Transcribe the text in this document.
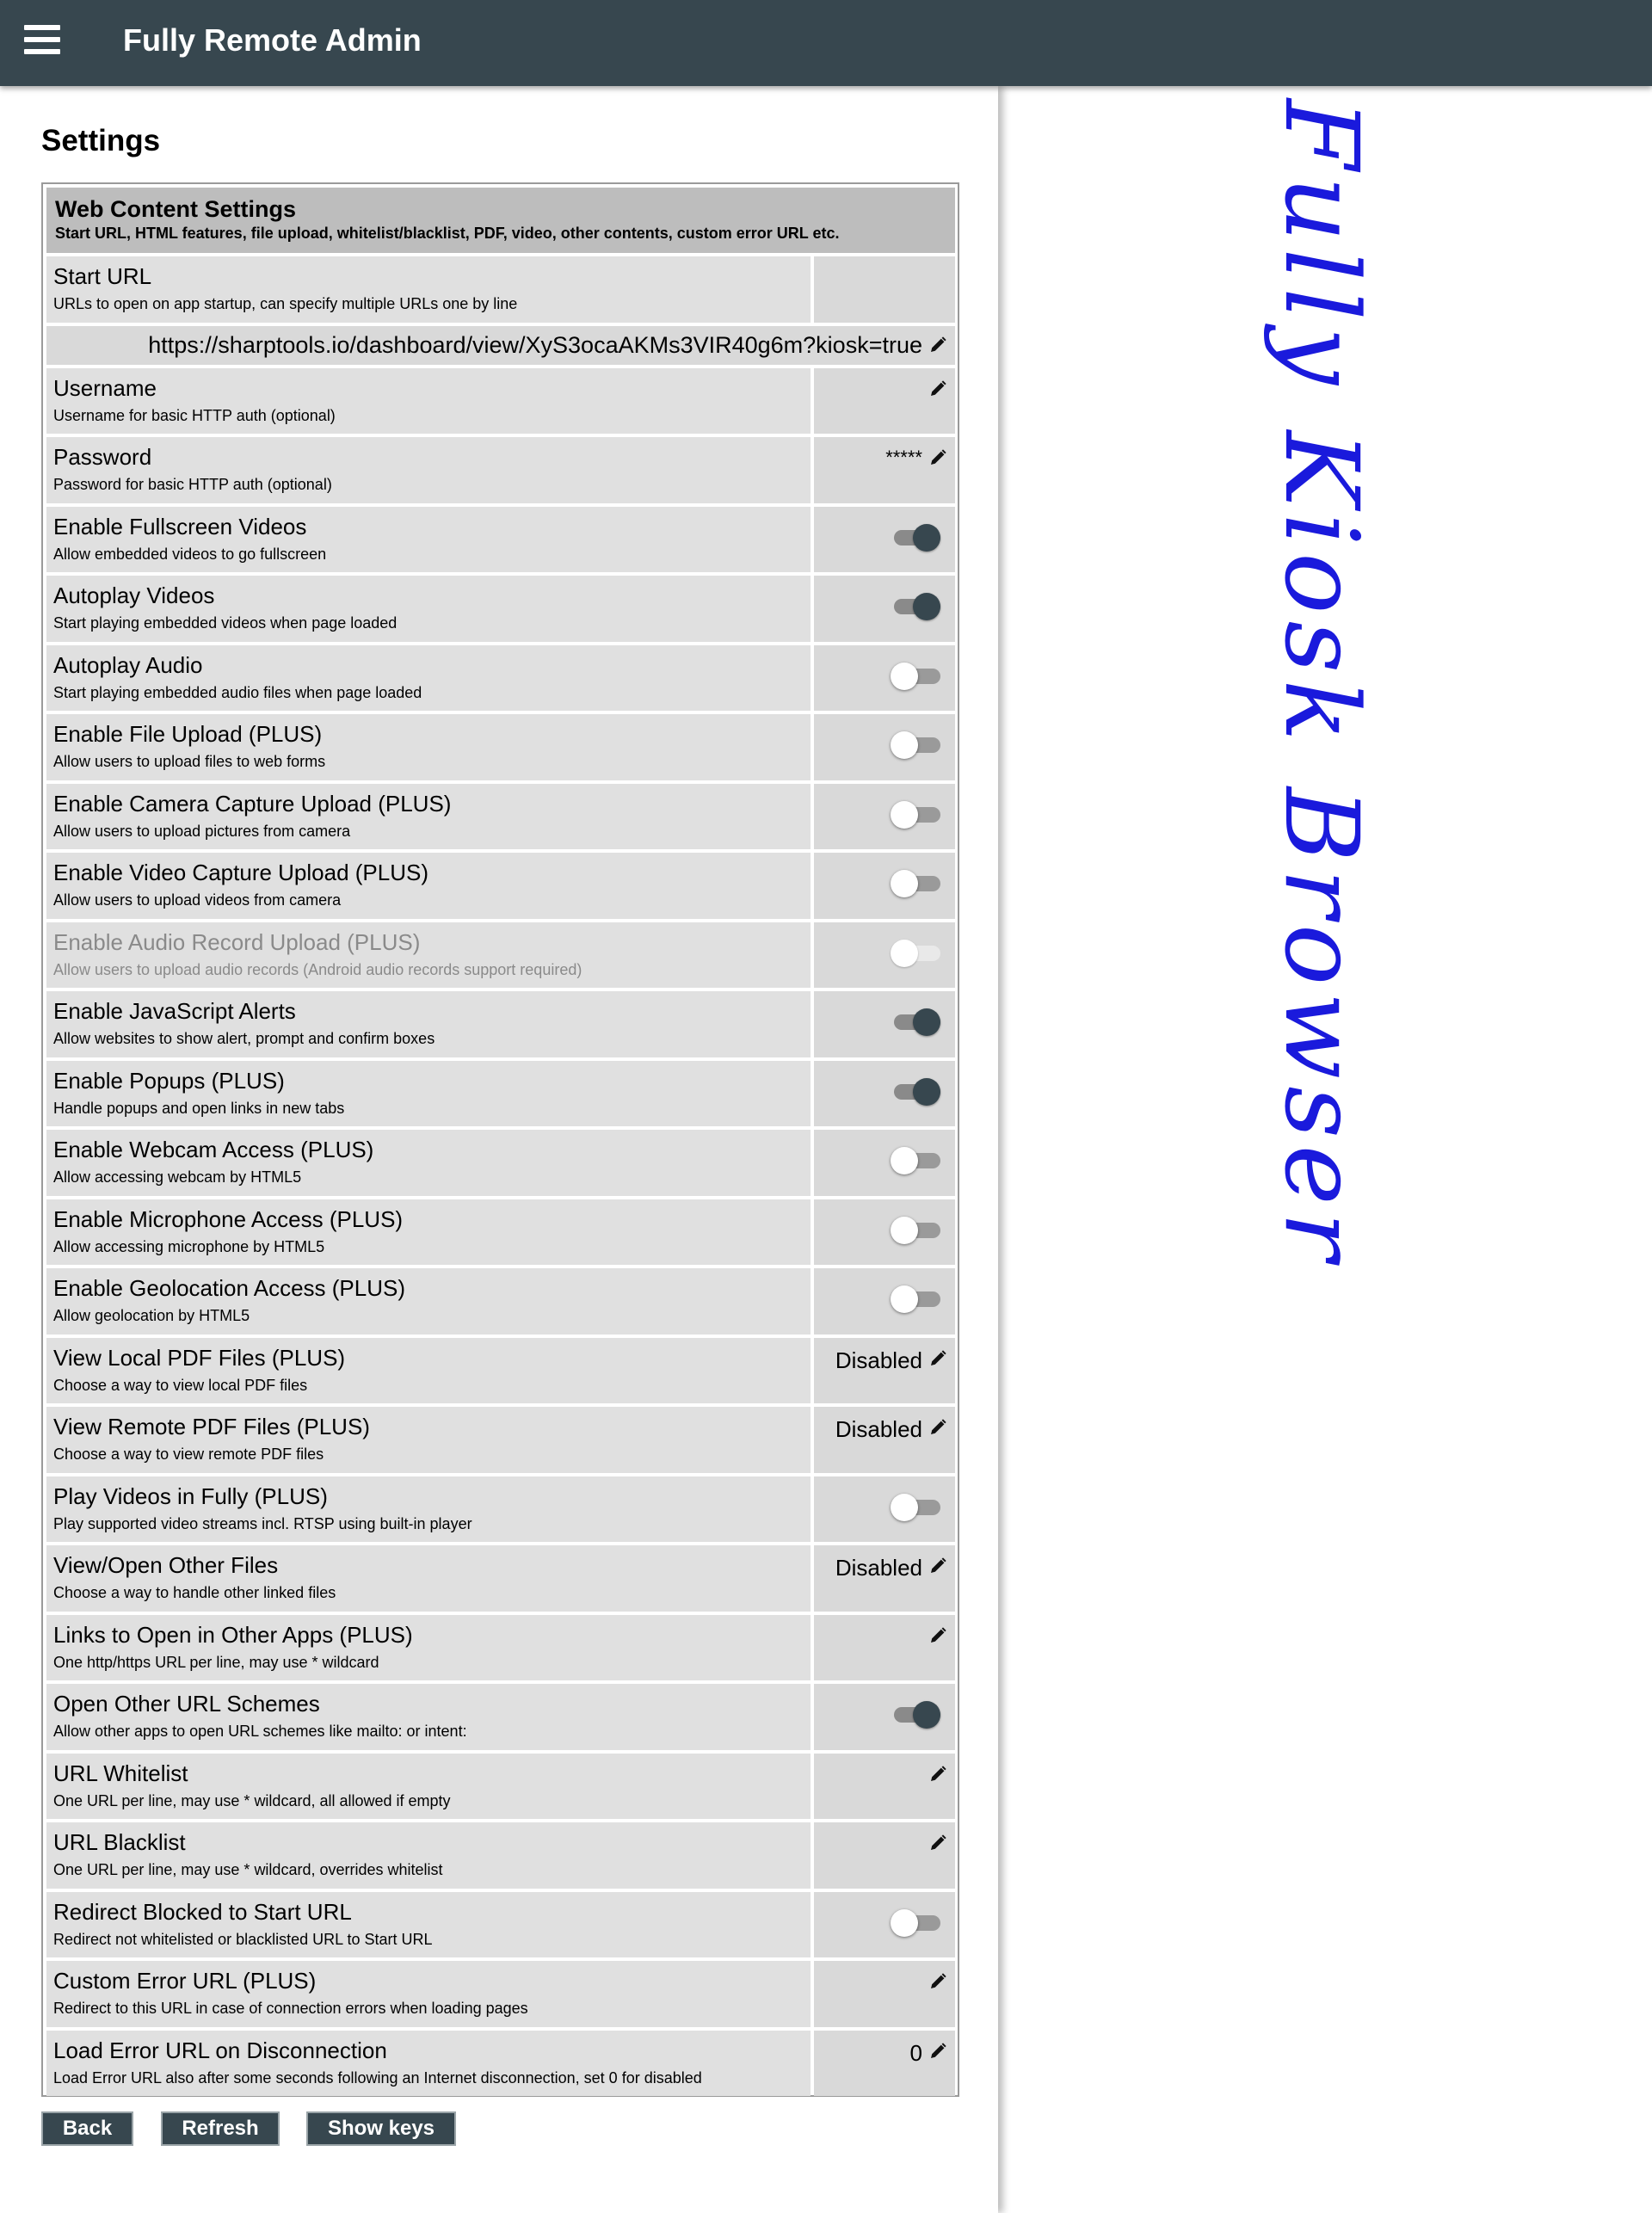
Fully Remote Admin
Settings
Web Content Settings
Start URL, HTML features, file upload, whitelist/blacklist, PDF, video, other contents, custom error URL etc.
Start URL
URLs to open on app startup, can specify multiple URLs one by line
https://sharptools.io/dashboard/view/XyS3ocaAKMs3VIR40g6m?kiosk=true
Username
Username for basic HTTP auth (optional)
Password
Password for basic HTTP auth (optional)
*****
Enable Fullscreen Videos
Allow embedded videos to go fullscreen
Autoplay Videos
Start playing embedded videos when page loaded
Autoplay Audio
Start playing embedded audio files when page loaded
Enable File Upload (PLUS)
Allow users to upload files to web forms
Enable Camera Capture Upload (PLUS)
Allow users to upload pictures from camera
Enable Video Capture Upload (PLUS)
Allow users to upload videos from camera
Enable Audio Record Upload (PLUS)
Allow users to upload audio records (Android audio records support required)
Enable JavaScript Alerts
Allow websites to show alert, prompt and confirm boxes
Enable Popups (PLUS)
Handle popups and open links in new tabs
Enable Webcam Access (PLUS)
Allow accessing webcam by HTML5
Enable Microphone Access (PLUS)
Allow accessing microphone by HTML5
Enable Geolocation Access (PLUS)
Allow geolocation by HTML5
View Local PDF Files (PLUS)
Choose a way to view local PDF files
Disabled
View Remote PDF Files (PLUS)
Choose a way to view remote PDF files
Disabled
Play Videos in Fully (PLUS)
Play supported video streams incl. RTSP using built-in player
View/Open Other Files
Choose a way to handle other linked files
Disabled
Links to Open in Other Apps (PLUS)
One http/https URL per line, may use * wildcard
Open Other URL Schemes
Allow other apps to open URL schemes like mailto: or intent:
URL Whitelist
One URL per line, may use * wildcard, all allowed if empty
URL Blacklist
One URL per line, may use * wildcard, overrides whitelist
Redirect Blocked to Start URL
Redirect not whitelisted or blacklisted URL to Start URL
Custom Error URL (PLUS)
Redirect to this URL in case of connection errors when loading pages
Load Error URL on Disconnection
Load Error URL also after some seconds following an Internet disconnection, set 0 for disabled
0
Back	Refresh	Show keys
Fully Kiosk Browser
